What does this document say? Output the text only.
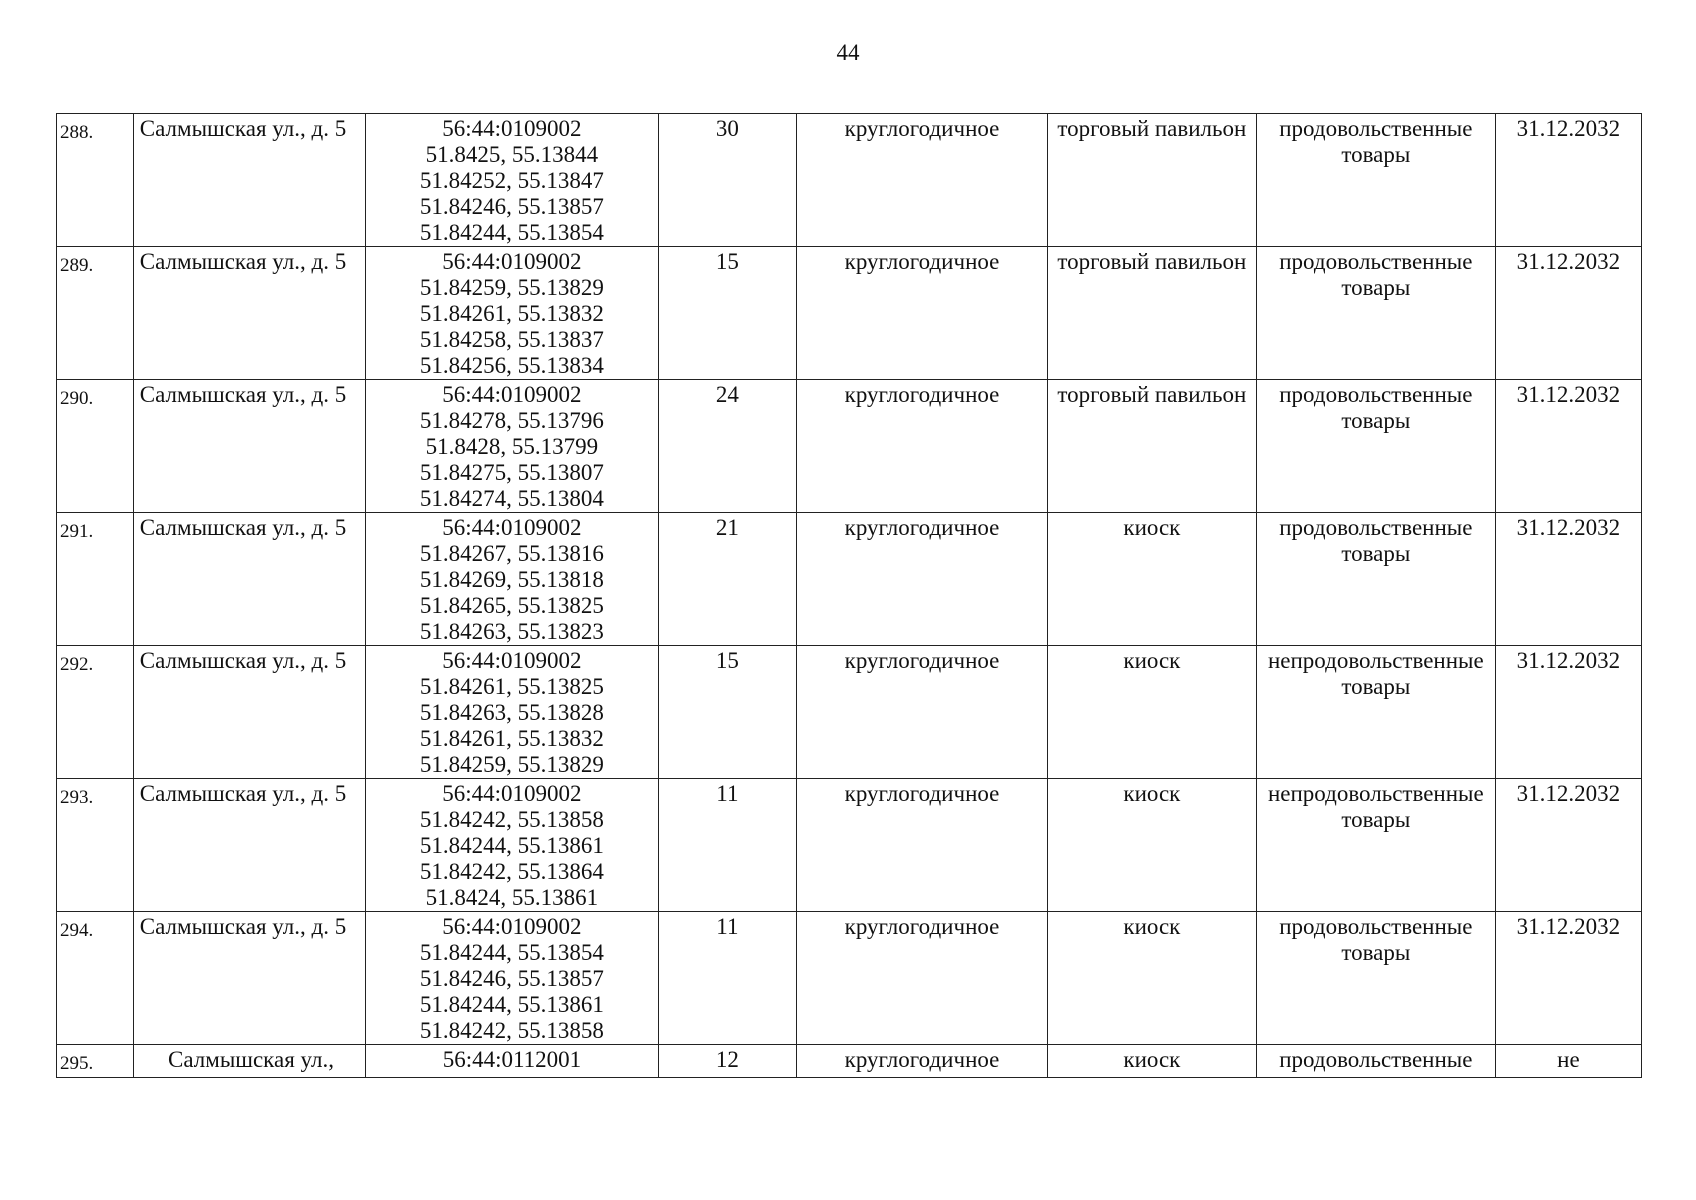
44
288.	Салмышская ул., д. 5	56:44:0109002
51.8425, 55.13844
51.84252, 55.13847
51.84246, 55.13857
51.84244, 55.13854	30	круглогодичное	торговый павильон	продовольственные товары	31.12.2032
289.	Салмышская ул., д. 5	56:44:0109002
51.84259, 55.13829
51.84261, 55.13832
51.84258, 55.13837
51.84256, 55.13834	15	круглогодичное	торговый павильон	продовольственные товары	31.12.2032
290.	Салмышская ул., д. 5	56:44:0109002
51.84278, 55.13796
51.8428, 55.13799
51.84275, 55.13807
51.84274, 55.13804	24	круглогодичное	торговый павильон	продовольственные товары	31.12.2032
291.	Салмышская ул., д. 5	56:44:0109002
51.84267, 55.13816
51.84269, 55.13818
51.84265, 55.13825
51.84263, 55.13823	21	круглогодичное	киоск	продовольственные товары	31.12.2032
292.	Салмышская ул., д. 5	56:44:0109002
51.84261, 55.13825
51.84263, 55.13828
51.84261, 55.13832
51.84259, 55.13829	15	круглогодичное	киоск	непродовольственные товары	31.12.2032
293.	Салмышская ул., д. 5	56:44:0109002
51.84242, 55.13858
51.84244, 55.13861
51.84242, 55.13864
51.8424, 55.13861	11	круглогодичное	киоск	непродовольственные товары	31.12.2032
294.	Салмышская ул., д. 5	56:44:0109002
51.84244, 55.13854
51.84246, 55.13857
51.84244, 55.13861
51.84242, 55.13858	11	круглогодичное	киоск	продовольственные товары	31.12.2032
295.	Салмышская ул.,	56:44:0112001	12	круглогодичное	киоск	продовольственные	не
